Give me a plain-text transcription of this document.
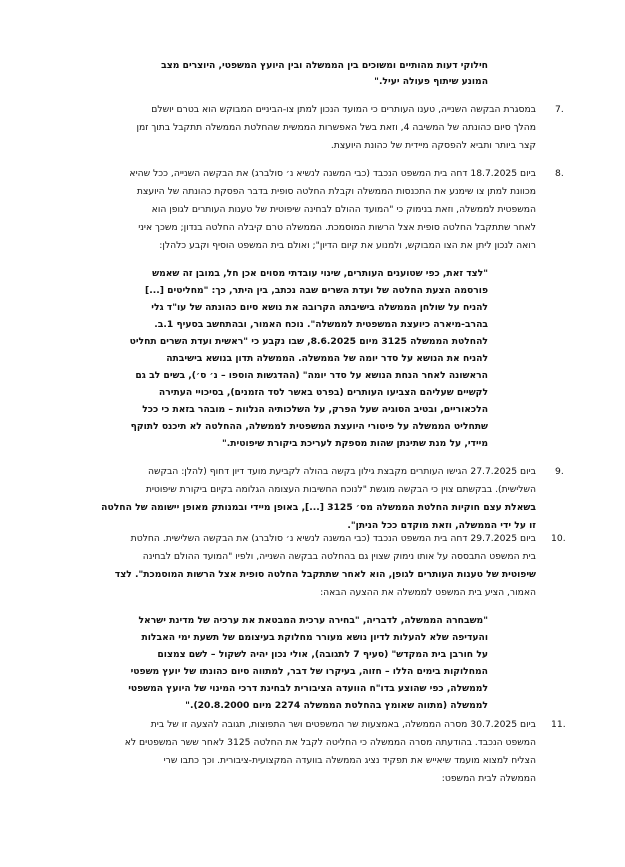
חילוקי דעות מהותיים ומשוכים בין הממשלה ובין היועץ המשפטי, היוצרים מצב
המונע שיתוף פעולה יעיל."
7.
במסגרת הבקשה השנייה, טענו העותרים כי המועד הנכון למתן צו-הביניים המבוקש הוא בטרם יושלם
מהלך סיום כהונתה של המשיבה 4, וזאת בשל האפשרות הממשית שהחלטת הממשלה תתקבל בתוך זמן
קצר ביותר ותביא להפסקה מיידית של כהונת היועצת.
8.
ביום 18.7.2025 דחה בית המשפט הנכבד (כבי המשנה לנשיא נ׳ סולברג) את הבקשה השנייה, ככל שהיא
מכוונת למתן צו שימנע את התכנסות הממשלה וקבלת החלטה סופית בדבר הפסקת כהונתה של היועצת
המשפטית לממשלה, וזאת בנימוק כי "המועד ההולם לבחינה שיפוטית של טענות העותרים לגופן הוא
לאחר שתתקבל החלטה סופית אצל הרשות המוסמכת. הממשלה טרם קיבלה החלטה בנדון; משכך איני
רואה לנכון ליתן את הצו המבוקש, ולמנוע את קיום הדיון"; ואולם בית המשפט הוסיף וקבע כלהלן:
"לצד זאת, כפי שטוענים העותרים, שינוי עובדתי מסוים אכן חל, במובן זה שאמש
פורסמה הצעת החלטה של ועדת השרים שבה נכתב, בין היתר, כך: "מחליטים [...]
להניח על שולחן הממשלה בישיבתה הקרובה את נושא סיום כהונתה של עו"ד גלי
בהרב-מיארה כיועצת המשפטית לממשלה". נוכח האמור, ובהתחשב בסעיף 1.ב.
להחלטת הממשלה 3125 מיום 8.6.2025, שבו נקבע כי "ראשית ועדת השרים תחליט
להניח את הנושא על סדר יומה של הממשלה. הממשלה תדון בנושא בישיבתה
הראשונה לאחר הנחת הנושא על סדר יומה" (ההדגשות הוספו – נ׳ ס׳), בשים לב גם
לקשיים שעליהם הצביעו העותרים (בפרט באשר לסד הזמנים), בסיכויי העתירה
הלכאוריים, ובטיב הסוגיה שעל הפרק, על השלכותיה הנלוות – מובהר בזאת כי ככל
שתחליט הממשלה על פיטורי היועצת המשפטית לממשלה, ההחלטה לא תיכנס לתוקף
מיידי, על מנת שתינתן שהות מספקת לעריכת ביקורת שיפוטית."
9.
ביום 27.7.2025 הגישו העותרים מקבצת גילון בקשה בהולה לקביעת מועד דיון דחוף (להלן: הבקשה
השלישית). בבקשתם צוין כי הבקשה מוגשת "לנוכח החשיבות העצומה הגלומה בקיום ביקורת שיפוטית
בשאלת עצם חוקיות החלטת הממשלה מס׳ 3125 [...], באופן מיידי ובמנותק מאופן יישומה של החלטה
זו על ידי הממשלה, וזאת מוקדם ככל הניתן".
10.
ביום 29.7.2025 דחה בית המשפט הנכבד (כבי המשנה לנשיא נ׳ סולברג) את הבקשה השלישית. החלטת
בית המשפט התבססה על אותו נימוק שצוין גם בהחלטה בבקשה השנייה, ולפיו "המועד ההולם לבחינה
שיפוטית של טענות העותרים לגופן, הוא לאחר שתתקבל החלטה סופית אצל הרשות המוסמכת". לצד
האמור, הציע בית המשפט לממשלה את ההצעה הבאה:
"משבחרה הממשלה, לדבריה, "בחירה ערכית המבטאת את ערכיה של מדינת ישראל
והעדיפה שלא להעלות לדיון נושא מעורר מחלוקת בעיצומם של תשעת ימי האבלות
על חורבן בית המקדש" (סעיף 7 לתגובה), אולי נכון יהיה לשקול – לשם צמצום
המחלוקות בימים הללו – חזוה, בעיקרו של דבר, למתווה סיום כהונתו של יועץ משפטי
לממשלה, כפי שהוצע בדו"ח הוועדה הציבורית לבחינת דרכי המינוי של היועץ המשפטי
לממשלה (מתווה שאומץ בהחלטת הממשלה 2274 מיום 20.8.2000)."
11.
ביום 30.7.2025 מסרה הממשלה, באמצעות שר המשפטים ושר התפוצות, תגובה להצעה זו של בית
המשפט הנכבד. בהודעתה מסרה הממשלה כי החליטה לקבל את החלטה 3125 לאחר ששר המשפטים לא
הצליח למצוא מועמד שיאייש את תפקיד נציג הממשלה בוועדה המקצועית-ציבורית. וכך כתבו שרי
הממשלה לבית המשפט:
